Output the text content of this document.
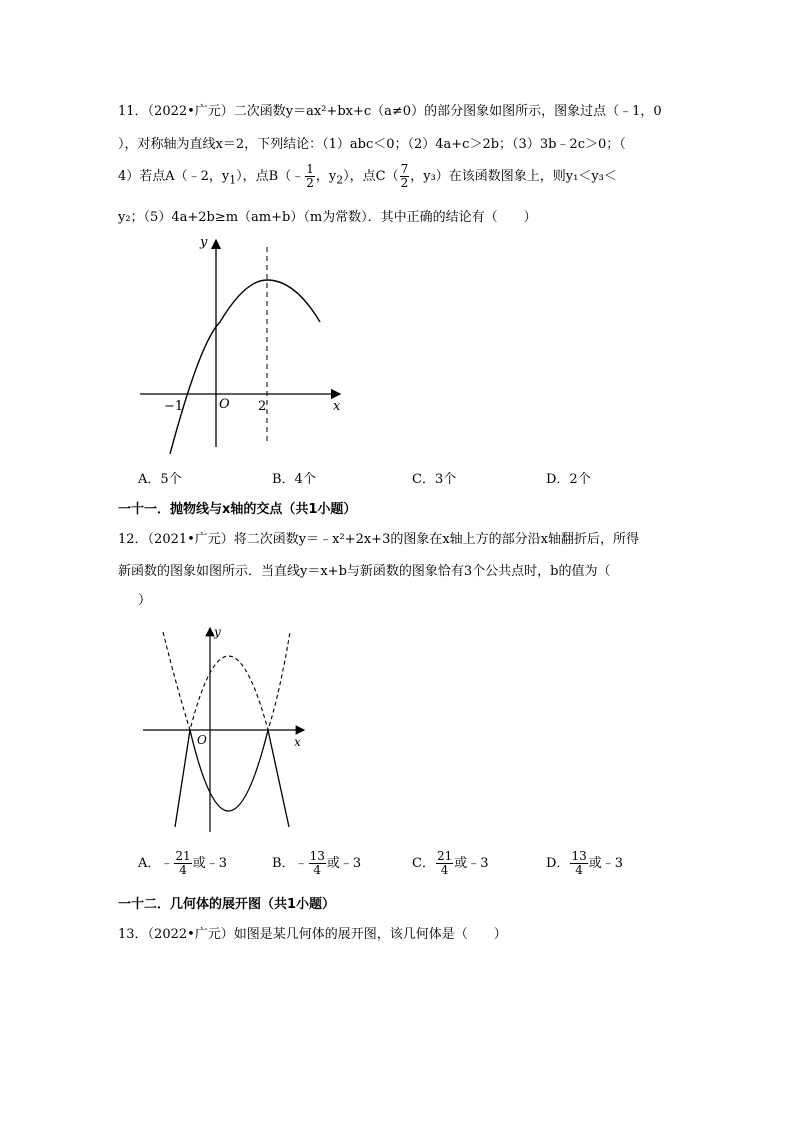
11．（2022•广元）二次函数y＝ax²+bx+c（a≠0）的部分图象如图所示，图象过点（﹣1，0
），对称轴为直线x＝2，下列结论：（1）abc＜0；（2）4a+c＞2b；（3）3b﹣2c＞0；（
4）若点A（﹣2，$y_1$），点B（﹣ $\frac{1}{2}$ ，$y_2$），点$C( \frac{7}{2}$ ，y₃）在该函数图象上，则y₁＜y₃＜
y₂；（5）4a+2b≥m（am+b）（m为常数）．其中正确的结论有（　　）
y
x
O
−1	2
A．5个	B．4个	C．3个	D．2个
一十一．抛物线与x轴的交点（共1小题）
12．（2021•广元）将二次函数y＝﹣x²+2x+3的图象在x轴上方的部分沿x轴翻折后，所得
新函数的图象如图所示．当直线y＝x+b与新函数的图象恰有3个公共点时，b的值为（
）
y
x
O
A．﹣ $\frac{21}{4}$ 或﹣3	B．﹣ $\frac{13}{4}$ 或﹣3	C． $\frac{21}{4}$ 或﹣3	D． $\frac{13}{4}$ 或﹣3
一十二．几何体的展开图（共1小题）
13．（2022•广元）如图是某几何体的展开图，该几何体是（　　）
